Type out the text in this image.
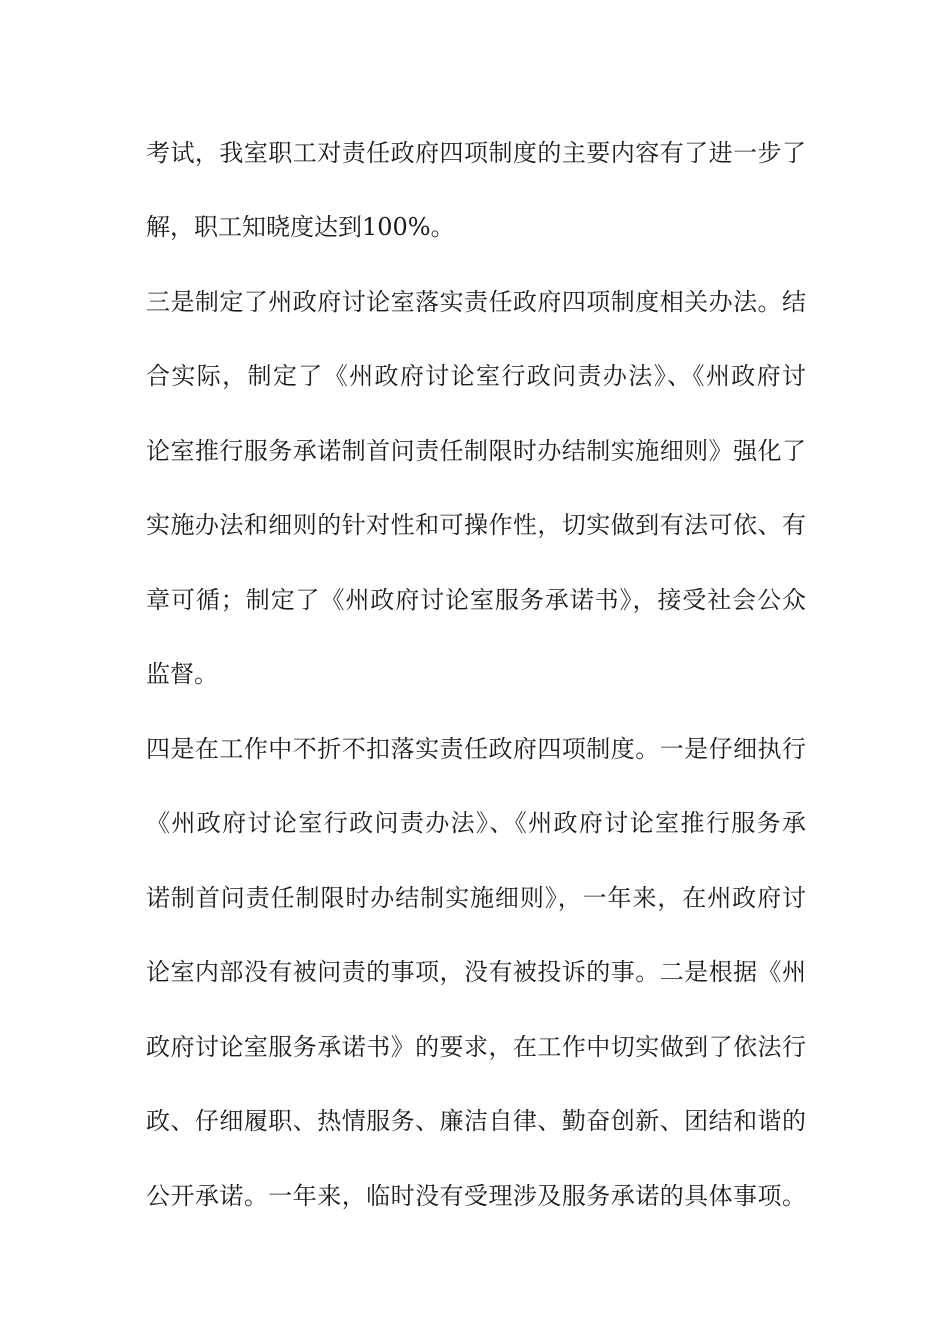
考试，我室职工对责任政府四项制度的主要内容有了进一步了
解，职工知晓度达到100%。
三是制定了州政府讨论室落实责任政府四项制度相关办法。结
合实际，制定了《州政府讨论室行政问责办法》、《州政府讨
论室推行服务承诺制首问责任制限时办结制实施细则》强化了
实施办法和细则的针对性和可操作性，切实做到有法可依、有
章可循；制定了《州政府讨论室服务承诺书》，接受社会公众
监督。
四是在工作中不折不扣落实责任政府四项制度。一是仔细执行
《州政府讨论室行政问责办法》、《州政府讨论室推行服务承
诺制首问责任制限时办结制实施细则》，一年来，在州政府讨
论室内部没有被问责的事项，没有被投诉的事。二是根据《州
政府讨论室服务承诺书》的要求，在工作中切实做到了依法行
政、仔细履职、热情服务、廉洁自律、勤奋创新、团结和谐的
公开承诺。一年来，临时没有受理涉及服务承诺的具体事项。
